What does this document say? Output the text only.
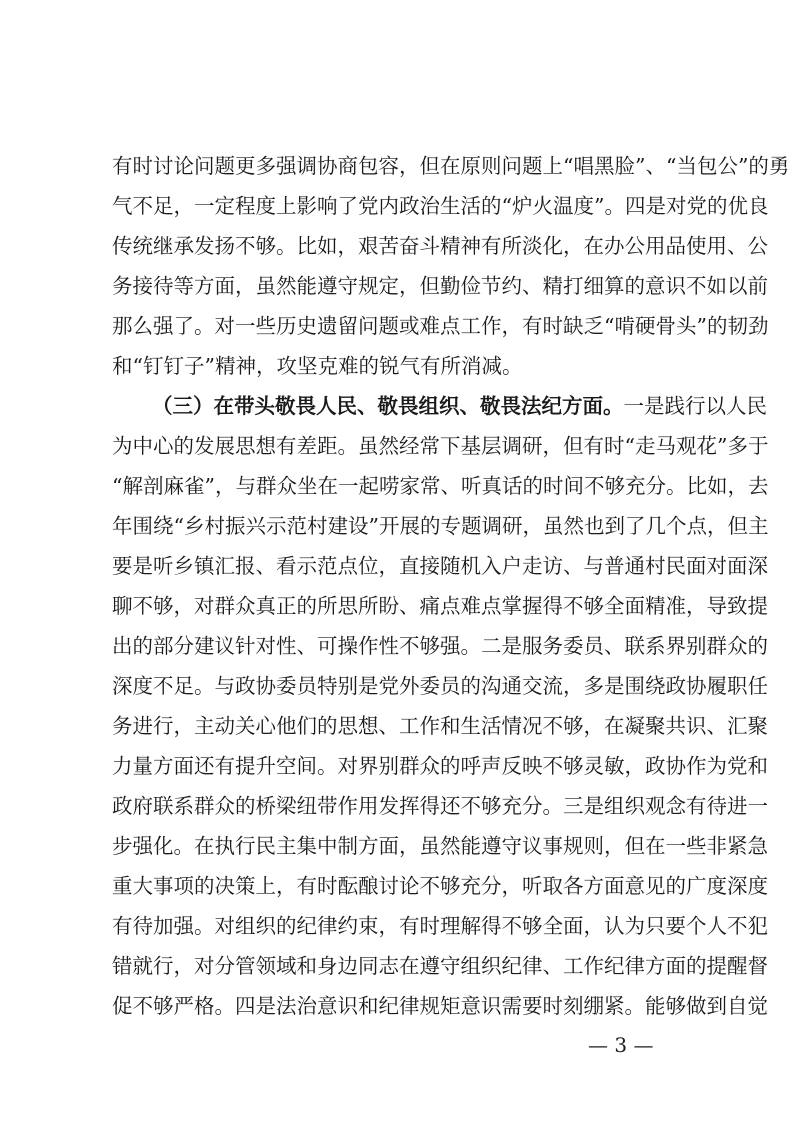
有时讨论问题更多强调协商包容，但在原则问题上“唱黑脸”、“当包公”的勇
气不足，一定程度上影响了党内政治生活的“炉火温度”。四是对党的优良
传统继承发扬不够。比如，艰苦奋斗精神有所淡化，在办公用品使用、公
务接待等方面，虽然能遵守规定，但勤俭节约、精打细算的意识不如以前
那么强了。对一些历史遗留问题或难点工作，有时缺乏“啃硬骨头”的韧劲
和“钉钉子”精神，攻坚克难的锐气有所消减。
（三）在带头敬畏人民、敬畏组织、敬畏法纪方面。一是践行以人民
为中心的发展思想有差距。虽然经常下基层调研，但有时“走马观花”多于
“解剖麻雀”，与群众坐在一起唠家常、听真话的时间不够充分。比如，去
年围绕“乡村振兴示范村建设”开展的专题调研，虽然也到了几个点，但主
要是听乡镇汇报、看示范点位，直接随机入户走访、与普通村民面对面深
聊不够，对群众真正的所思所盼、痛点难点掌握得不够全面精准，导致提
出的部分建议针对性、可操作性不够强。二是服务委员、联系界别群众的
深度不足。与政协委员特别是党外委员的沟通交流，多是围绕政协履职任
务进行，主动关心他们的思想、工作和生活情况不够，在凝聚共识、汇聚
力量方面还有提升空间。对界别群众的呼声反映不够灵敏，政协作为党和
政府联系群众的桥梁纽带作用发挥得还不够充分。三是组织观念有待进一
步强化。在执行民主集中制方面，虽然能遵守议事规则，但在一些非紧急
重大事项的决策上，有时酝酿讨论不够充分，听取各方面意见的广度深度
有待加强。对组织的纪律约束，有时理解得不够全面，认为只要个人不犯
错就行，对分管领域和身边同志在遵守组织纪律、工作纪律方面的提醒督
促不够严格。四是法治意识和纪律规矩意识需要时刻绷紧。能够做到自觉
— 3 —
